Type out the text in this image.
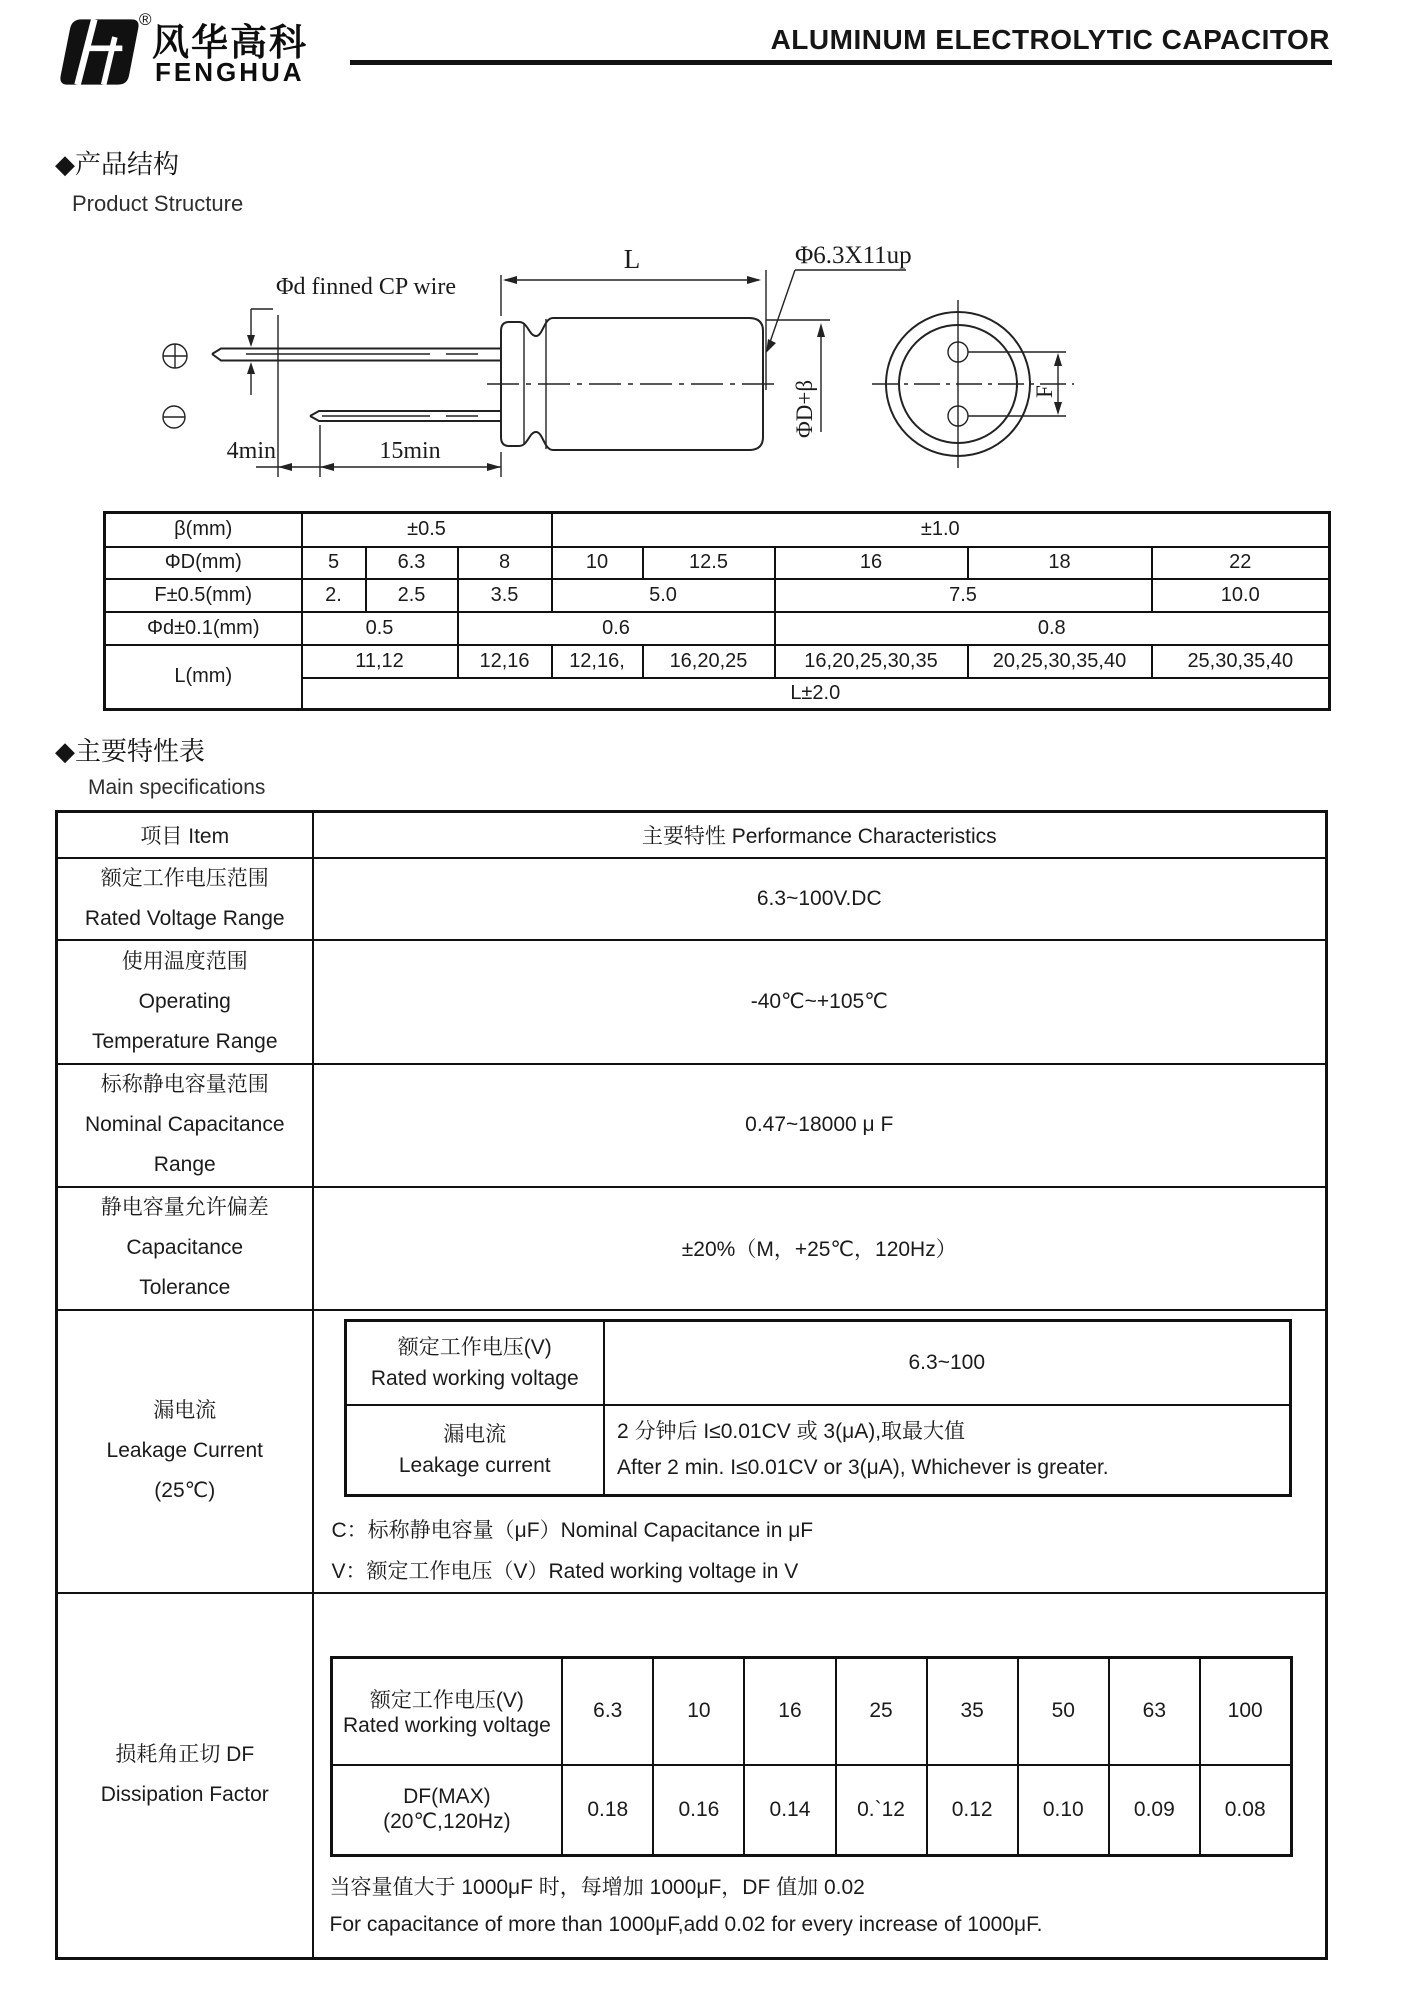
®
风华高科
FENGHUA
ALUMINUM ELECTROLYTIC CAPACITOR
◆产品结构
Product Structure
Φd finned CP wire
L	Φ6.3X11up
ΦD+β	F
4min	15min
β(mm)	±0.5			±1.0				
ΦD(mm)	5	6.3	8	10	12.5	16	18	22
F±0.5(mm)	2.	2.5	3.5	5.0		7.5		10.0
Φd±0.1(mm)	0.5		0.6			0.8		
L(mm)	11,12		12,16	12,16,	16,20,25	16,20,25,30,35	20,25,30,35,40	25,30,35,40
	L±2.0							
◆主要特性表
Main specifications
项目 Item	主要特性 Performance Characteristics

额定工作电压范围
Rated Voltage Range
	6.3~100V.DC

使用温度范围
Operating
Temperature Range
	-40℃~+105℃

标称静电容量范围
Nominal Capacitance
Range
	0.47~18000 μ F

静电容量允许偏差
Capacitance
Tolerance
	±20%（M，+25℃，120Hz）

漏电流
Leakage Current
(25℃)

额定工作电压(V)
Rated working voltage
	6.3~100

漏电流
Leakage current

2 分钟后 I≤0.01CV 或 3(μA),取最大值
After 2 min. I≤0.01CV or 3(μA), Whichever is greater.
C：标称静电容量（μF）Nominal Capacitance in μF
V：额定工作电压（V）Rated working voltage in V

损耗角正切 DF
Dissipation Factor

额定工作电压(V)
Rated working voltage
	6.3	10	16	25	35	50	63	100

DF(MAX)
(20℃,120Hz)
	0.18	0.16	0.14	0.`12	0.12	0.10	0.09	0.08
当容量值大于 1000μF 时，每增加 1000μF，DF 值加 0.02
For capacitance of more than 1000μF,add 0.02 for every increase of 1000μF.
